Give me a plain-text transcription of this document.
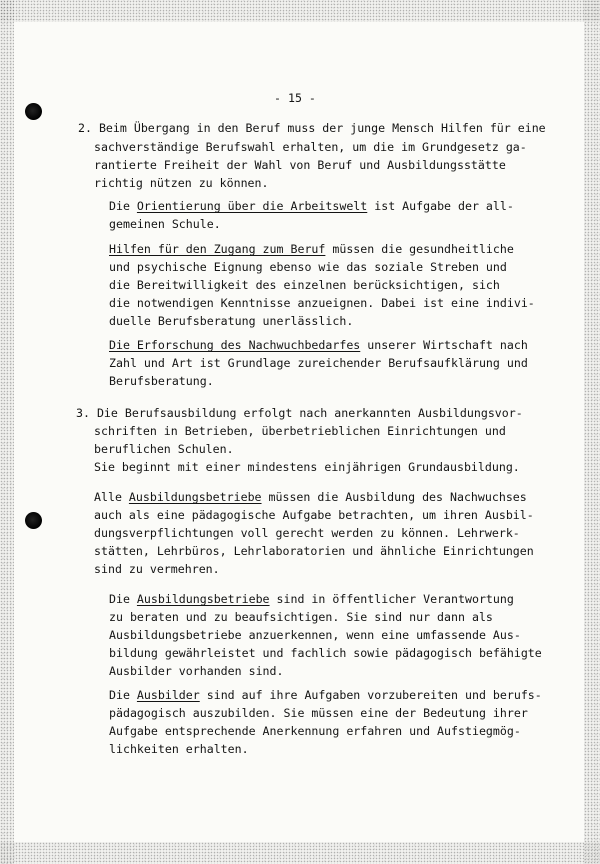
- 15 -
2. Beim Übergang in den Beruf muss der junge Mensch Hilfen für eine
sachverständige Berufswahl erhalten, um die im Grundgesetz ga-
rantierte Freiheit der Wahl von Beruf und Ausbildungsstätte
richtig nützen zu können.
Die Orientierung über die Arbeitswelt ist Aufgabe der all-
gemeinen Schule.
Hilfen für den Zugang zum Beruf müssen die gesundheitliche
und psychische Eignung ebenso wie das soziale Streben und
die Bereitwilligkeit des einzelnen berücksichtigen, sich
die notwendigen Kenntnisse anzueignen. Dabei ist eine indivi-
duelle Berufsberatung unerlässlich.
Die Erforschung des Nachwuchbedarfes unserer Wirtschaft nach
Zahl und Art ist Grundlage zureichender Berufsaufklärung und
Berufsberatung.
3. Die Berufsausbildung erfolgt nach anerkannten Ausbildungsvor-
schriften in Betrieben, überbetrieblichen Einrichtungen und
beruflichen Schulen.
Sie beginnt mit einer mindestens einjährigen Grundausbildung.
Alle Ausbildungsbetriebe müssen die Ausbildung des Nachwuchses
auch als eine pädagogische Aufgabe betrachten, um ihren Ausbil-
dungsverpflichtungen voll gerecht werden zu können. Lehrwerk-
stätten, Lehrbüros, Lehrlaboratorien und ähnliche Einrichtungen
sind zu vermehren.
Die Ausbildungsbetriebe sind in öffentlicher Verantwortung
zu beraten und zu beaufsichtigen. Sie sind nur dann als
Ausbildungsbetriebe anzuerkennen, wenn eine umfassende Aus-
bildung gewährleistet und fachlich sowie pädagogisch befähigte
Ausbilder vorhanden sind.
Die Ausbilder sind auf ihre Aufgaben vorzubereiten und berufs-
pädagogisch auszubilden. Sie müssen eine der Bedeutung ihrer
Aufgabe entsprechende Anerkennung erfahren und Aufstiegmög-
lichkeiten erhalten.
